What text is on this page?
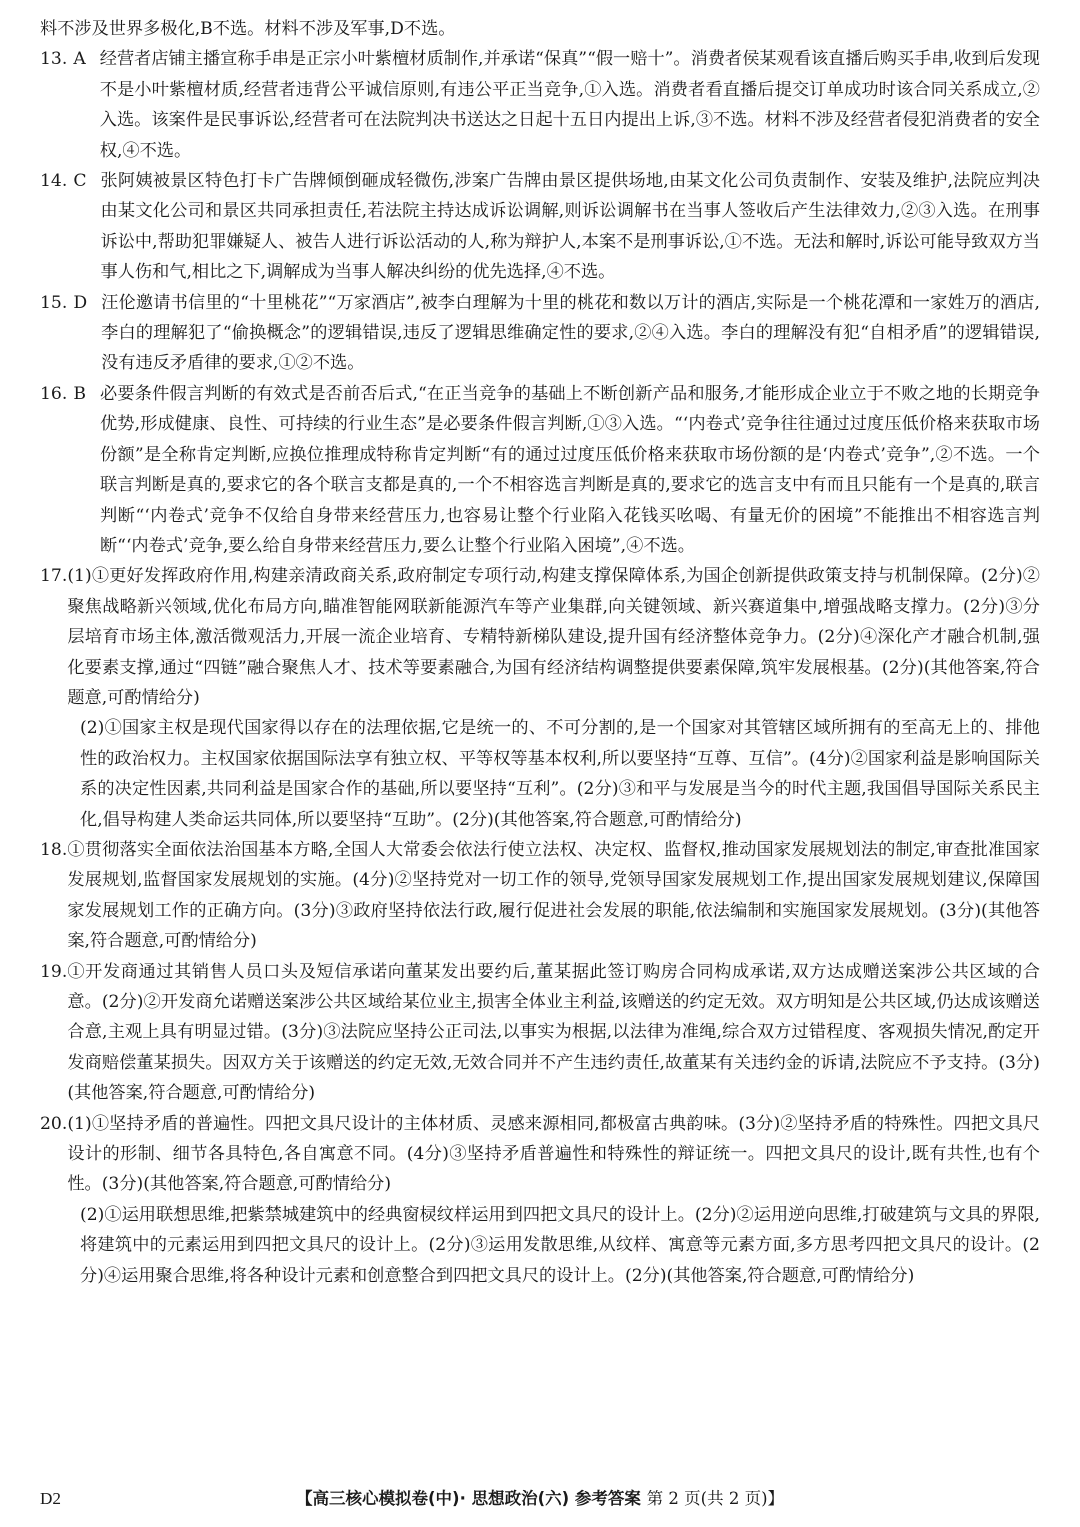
料不涉及世界多极化,B不选。材料不涉及军事,D不选。

13. A 经营者店铺主播宣称手串是正宗小叶紫檀材质制作,并承诺“保真”“假一赔十”。消费者侯某观看该直播后购买手串,收到后发现不是小叶紫檀材质,经营者违背公平诚信原则,有违公平正当竞争,①入选。消费者看直播后提交订单成功时该合同关系成立,②入选。该案件是民事诉讼,经营者可在法院判决书送达之日起十五日内提出上诉,③不选。材料不涉及经营者侵犯消费者的安全权,④不选。
14. C 张阿姨被景区特色打卡广告牌倾倒砸成轻微伤,涉案广告牌由景区提供场地,由某文化公司负责制作、安装及维护,法院应判决由某文化公司和景区共同承担责任,若法院主持达成诉讼调解,则诉讼调解书在当事人签收后产生法律效力,②③入选。在刑事诉讼中,帮助犯罪嫌疑人、被告人进行诉讼活动的人,称为辩护人,本案不是刑事诉讼,①不选。无法和解时,诉讼可能导致双方当事人伤和气,相比之下,调解成为当事人解决纠纷的优先选择,④不选。
15. D 汪伦邀请书信里的“十里桃花”“万家酒店”,被李白理解为十里的桃花和数以万计的酒店,实际是一个桃花潭和一家姓万的酒店,李白的理解犯了“偷换概念”的逻辑错误,违反了逻辑思维确定性的要求,②④入选。李白的理解没有犯“自相矛盾”的逻辑错误,没有违反矛盾律的要求,①②不选。
16. B 必要条件假言判断的有效式是否前否后式,“在正当竞争的基础上不断创新产品和服务,才能形成企业立于不败之地的长期竞争优势,形成健康、良性、可持续的行业生态”是必要条件假言判断,①③入选。“‘内卷式’竞争往往通过过度压低价格来获取市场份额”是全称肯定判断,应换位推理成特称肯定判断“有的通过过度压低价格来获取市场份额的是‘内卷式’竞争”,②不选。一个联言判断是真的,要求它的各个联言支都是真的,一个不相容选言判断是真的,要求它的选言支中有而且只能有一个是真的,联言判断“‘内卷式’竞争不仅给自身带来经营压力,也容易让整个行业陷入花钱买吆喝、有量无价的困境”不能推出不相容选言判断“‘内卷式’竞争,要么给自身带来经营压力,要么让整个行业陷入困境”,④不选。
17. (1)①更好发挥政府作用,构建亲清政商关系,政府制定专项行动,构建支撑保障体系,为国企创新提供政策支持与机制保障。(2分)②聚焦战略新兴领域,优化布局方向,瞄准智能网联新能源汽车等产业集群,向关键领域、新兴赛道集中,增强战略支撑力。(2分)③分层培育市场主体,激活微观活力,开展一流企业培育、专精特新梯队建设,提升国有经济整体竞争力。(2分)④深化产才融合机制,强化要素支撑,通过“四链”融合聚焦人才、技术等要素融合,为国有经济结构调整提供要素保障,筑牢发展根基。(2分)(其他答案,符合题意,可酌情给分)

(2)①国家主权是现代国家得以存在的法理依据,它是统一的、不可分割的,是一个国家对其管辖区域所拥有的至高无上的、排他性的政治权力。主权国家依据国际法享有独立权、平等权等基本权利,所以要坚持“互尊、互信”。(4分)②国家利益是影响国际关系的决定性因素,共同利益是国家合作的基础,所以要坚持“互利”。(2分)③和平与发展是当今的时代主题,我国倡导国际关系民主化,倡导构建人类命运共同体,所以要坚持“互助”。(2分)(其他答案,符合题意,可酌情给分)

18. ①贯彻落实全面依法治国基本方略,全国人大常委会依法行使立法权、决定权、监督权,推动国家发展规划法的制定,审查批准国家发展规划,监督国家发展规划的实施。(4分)②坚持党对一切工作的领导,党领导国家发展规划工作,提出国家发展规划建议,保障国家发展规划工作的正确方向。(3分)③政府坚持依法行政,履行促进社会发展的职能,依法编制和实施国家发展规划。(3分)(其他答案,符合题意,可酌情给分)
19. ①开发商通过其销售人员口头及短信承诺向董某发出要约后,董某据此签订购房合同构成承诺,双方达成赠送案涉公共区域的合意。(2分)②开发商允诺赠送案涉公共区域给某位业主,损害全体业主利益,该赠送的约定无效。双方明知是公共区域,仍达成该赠送合意,主观上具有明显过错。(3分)③法院应坚持公正司法,以事实为根据,以法律为准绳,综合双方过错程度、客观损失情况,酌定开发商赔偿董某损失。因双方关于该赠送的约定无效,无效合同并不产生违约责任,故董某有关违约金的诉请,法院应不予支持。(3分)(其他答案,符合题意,可酌情给分)
20. (1)①坚持矛盾的普遍性。四把文具尺设计的主体材质、灵感来源相同,都极富古典韵味。(3分)②坚持矛盾的特殊性。四把文具尺设计的形制、细节各具特色,各自寓意不同。(4分)③坚持矛盾普遍性和特殊性的辩证统一。四把文具尺的设计,既有共性,也有个性。(3分)(其他答案,符合题意,可酌情给分)

(2)①运用联想思维,把紫禁城建筑中的经典窗棂纹样运用到四把文具尺的设计上。(2分)②运用逆向思维,打破建筑与文具的界限,将建筑中的元素运用到四把文具尺的设计上。(2分)③运用发散思维,从纹样、寓意等元素方面,多方思考四把文具尺的设计。(2分)④运用聚合思维,将各种设计元素和创意整合到四把文具尺的设计上。(2分)(其他答案,符合题意,可酌情给分)

D2	【高三核心模拟卷(中)· 思想政治(六) 参考答案 第 2 页(共 2 页)】
